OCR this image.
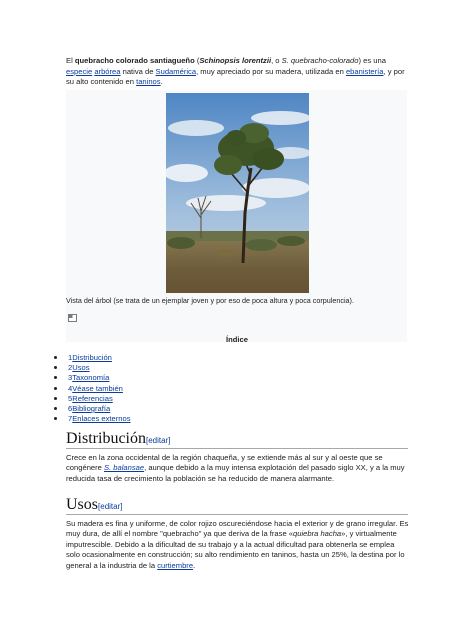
El quebracho colorado santiagueño (Schinopsis lorentzii, o S. quebracho-colorado) es una especie arbórea nativa de Sudamérica, muy apreciado por su madera, utilizada en ebanistería, y por su alto contenido en taninos.
Vista del árbol (se trata de un ejemplar joven y por eso de poca altura y poca corpulencia).
Índice
1Distribución
2Usos
3Taxonomía
4Véase también
5Referencias
6Bibliografía
7Enlaces externos
Distribución[editar]
Crece en la zona occidental de la región chaqueña, y se extiende más al sur y al oeste que se congénere S. balansae, aunque debido a la muy intensa explotación del pasado siglo XX, y a la muy reducida tasa de crecimiento la población se ha reducido de manera alarmante.
Usos[editar]
Su madera es fina y uniforme, de color rojizo oscureciéndose hacia el exterior y de grano irregular. Es muy dura, de allí el nombre "quebracho" ya que deriva de la frase «quiebra hacha», y virtualmente imputrescible. Debido a la dificultad de su trabajo y a la actual dificultad para obtenerla se emplea solo ocasionalmente en construcción; su alto rendimiento en taninos, hasta un 25%, la destina por lo general a la industria de la curtiembre.
